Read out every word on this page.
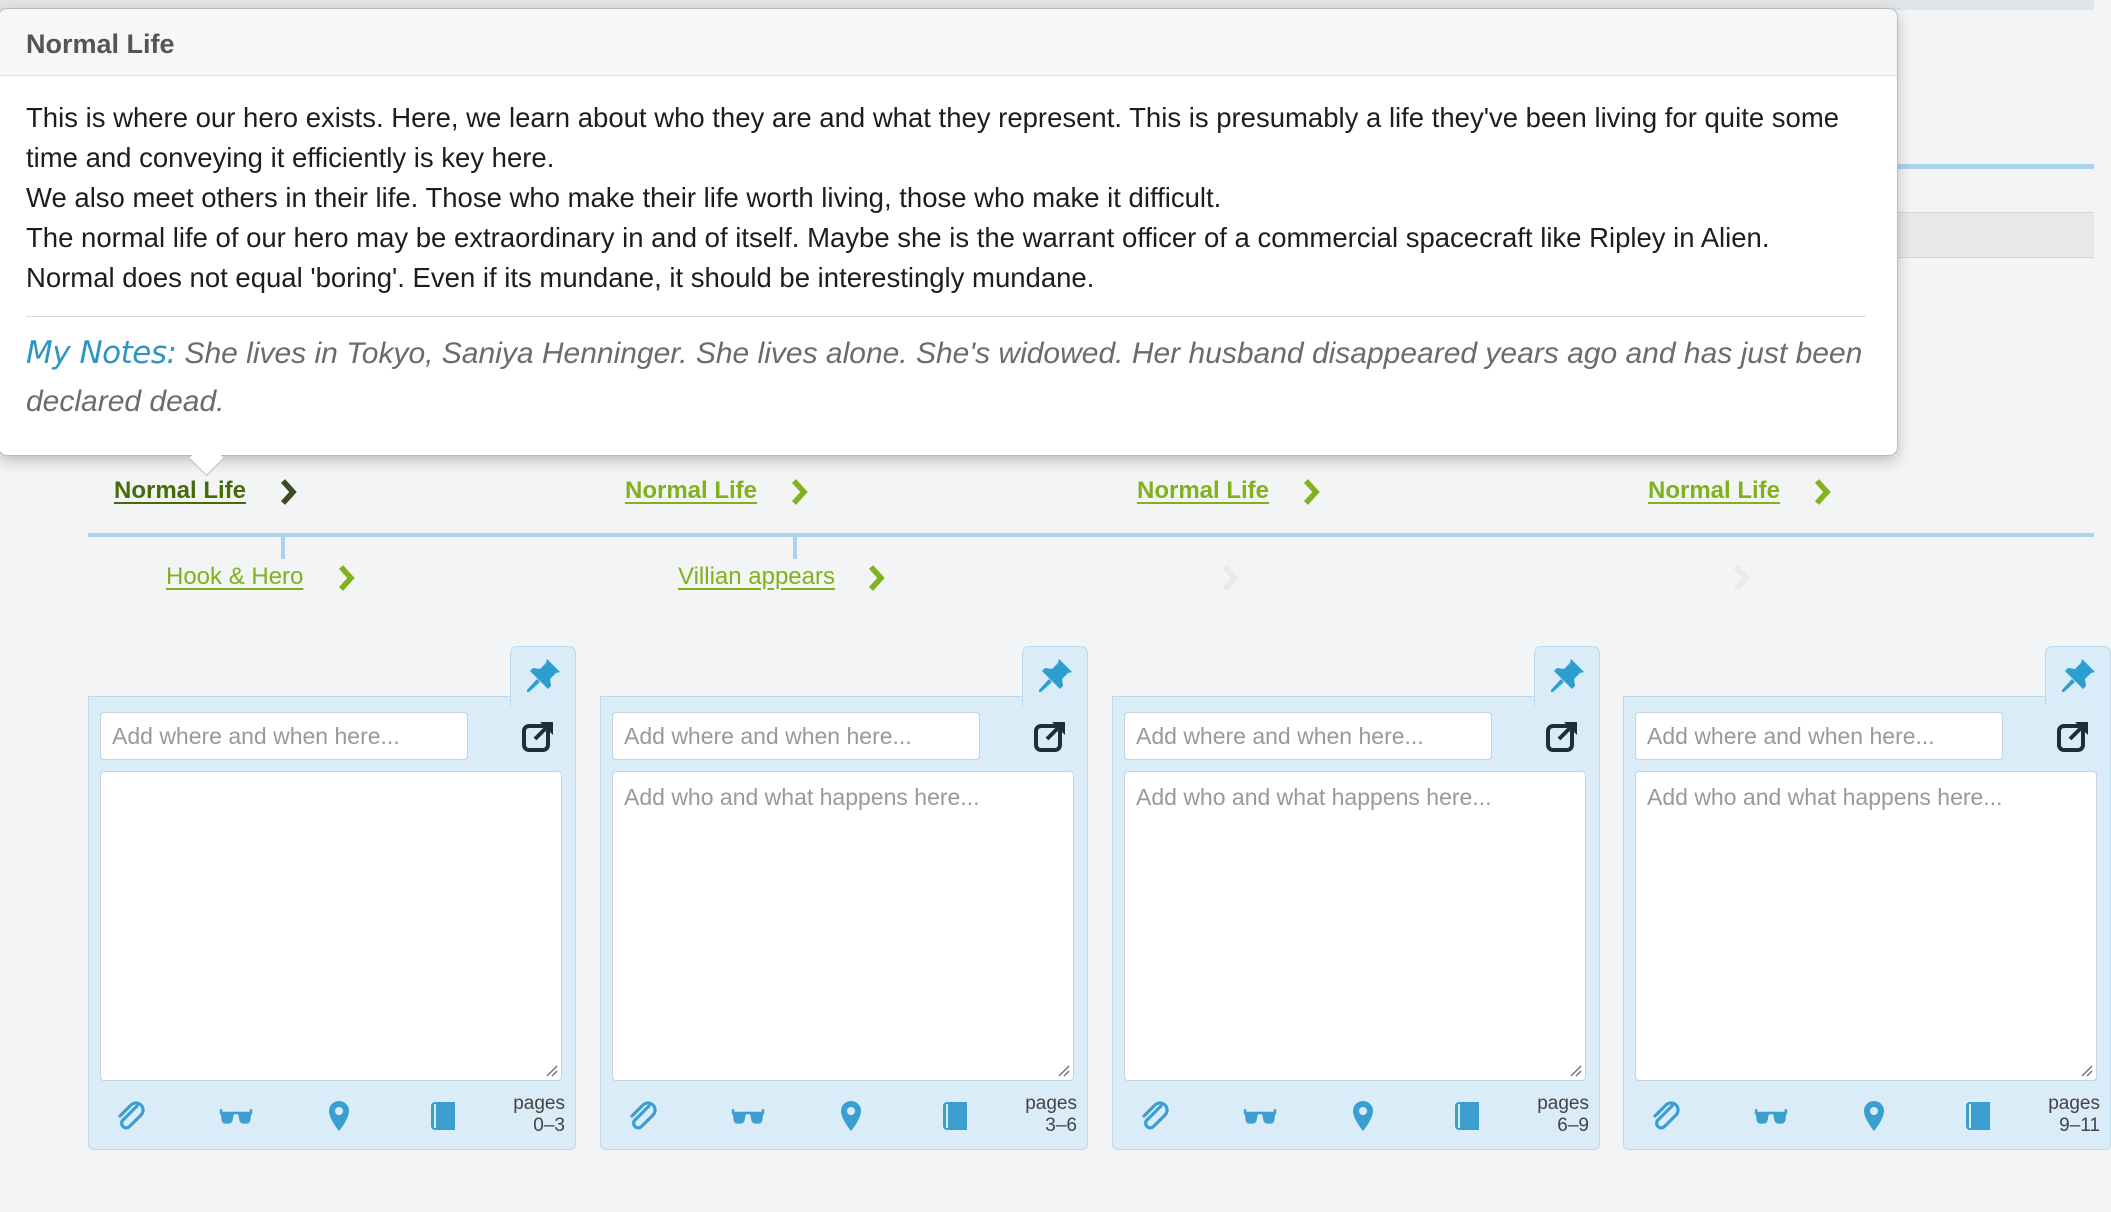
Normal Life

This is where our hero exists. Here, we learn about who they are and what they represent. This is presumably a life they've been living for quite some time and conveying it efficiently is key here.

We also meet others in their life. Those who make their life worth living, those who make it difficult.

The normal life of our hero may be extraordinary in and of itself. Maybe she is the warrant officer of a commercial spacecraft like Ripley in Alien.

Normal does not equal 'boring'. Even if its mundane, it should be interestingly mundane.

My Notes: She lives in Tokyo, Saniya Henninger. She lives alone. She's widowed. Her husband disappeared years ago and has just been declared dead.
Normal Life	Normal Life	Normal Life	Normal Life
Hook & Hero	Villian appears
Add where and when here...
pages
0–3
Add where and when here...
Add who and what happens here...
pages
3–6
Add where and when here...
Add who and what happens here...
pages
6–9
Add where and when here...
Add who and what happens here...
pages
9–11
